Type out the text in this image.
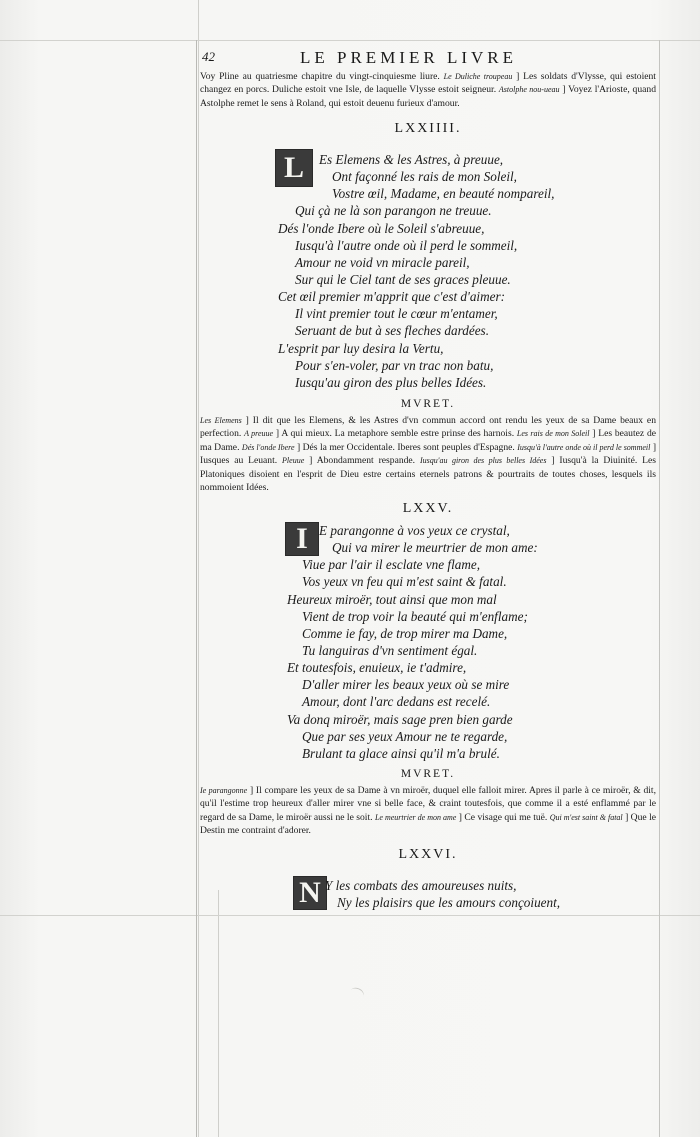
42	LE PREMIER LIVRE
Voy Pline au quatriesme chapitre du vingt-cinquiesme liure. Le Duliche troupeau ] Les soldats d'Vlysse, qui estoient changez en porcs. Duliche estoit vne Isle, de laquelle Vlysse estoit seigneur. Astolphe nou-ueau ] Voyez l'Arioste, quand Astolphe remet le sens à Roland, qui estoit deuenu furieux d'amour.
LXXIIII.
L	Es Elemens & les Astres, à preuue,
Ont façonné les rais de mon Soleil,
Vostre œil, Madame, en beauté nompareil,
Qui çà ne là son parangon ne treuue.
Dés l'onde Ibere où le Soleil s'abreuue,
Iusqu'à l'autre onde où il perd le sommeil,
Amour ne void vn miracle pareil,
Sur qui le Ciel tant de ses graces pleuue.
Cet œil premier m'apprit que c'est d'aimer:
Il vint premier tout le cœur m'entamer,
Seruant de but à ses fleches dardées.
L'esprit par luy desira la Vertu,
Pour s'en-voler, par vn trac non batu,
Iusqu'au giron des plus belles Idées.
MVRET.
Les Elemens ] Il dit que les Elemens, & les Astres d'vn commun accord ont rendu les yeux de sa Dame beaux en perfection. A preuue ] A qui mieux. La metaphore semble estre prinse des harnois. Les rais de mon Soleil ] Les beautez de ma Dame. Dés l'onde Ibere ] Dés la mer Occidentale. Iberes sont peuples d'Espagne. Iusqu'à l'autre onde où il perd le sommeil ] Iusques au Leuant. Pleuue ] Abondamment respande. Iusqu'au giron des plus belles Idées ] Iusqu'à la Diuinité. Les Platoniques disoient en l'esprit de Dieu estre certains eternels patrons & pourtraits de toutes choses, lesquels ils nommoient Idées.
LXXV.
I E parangonne à vos yeux ce crystal,
Qui va mirer le meurtrier de mon ame:
Viue par l'air il esclate vne flame,
Vos yeux vn feu qui m'est saint & fatal.
Heureux miroër, tout ainsi que mon mal
Vient de trop voir la beauté qui m'enflame;
Comme ie fay, de trop mirer ma Dame,
Tu languiras d'vn sentiment égal.
Et toutesfois, enuieux, ie t'admire,
D'aller mirer les beaux yeux où se mire
Amour, dont l'arc dedans est recelé.
Va donq miroër, mais sage pren bien garde
Que par ses yeux Amour ne te regarde,
Brulant ta glace ainsi qu'il m'a brulé.
MVRET.
Ie parangonne ] Il compare les yeux de sa Dame à vn miroër, duquel elle falloit mirer. Apres il parle à ce miroër, & dit, qu'il l'estime trop heureux d'aller mirer vne si belle face, & craint toutesfois, que comme il a esté enflammé par le regard de sa Dame, le miroër aussi ne le soit. Le meurtrier de mon ame ] Ce visage qui me tuë. Qui m'est saint & fatal ] Que le Destin me contraint d'adorer.
LXXVI.
N Y les combats des amoureuses nuits,
Ny les plaisirs que les amours conçoiuent,
